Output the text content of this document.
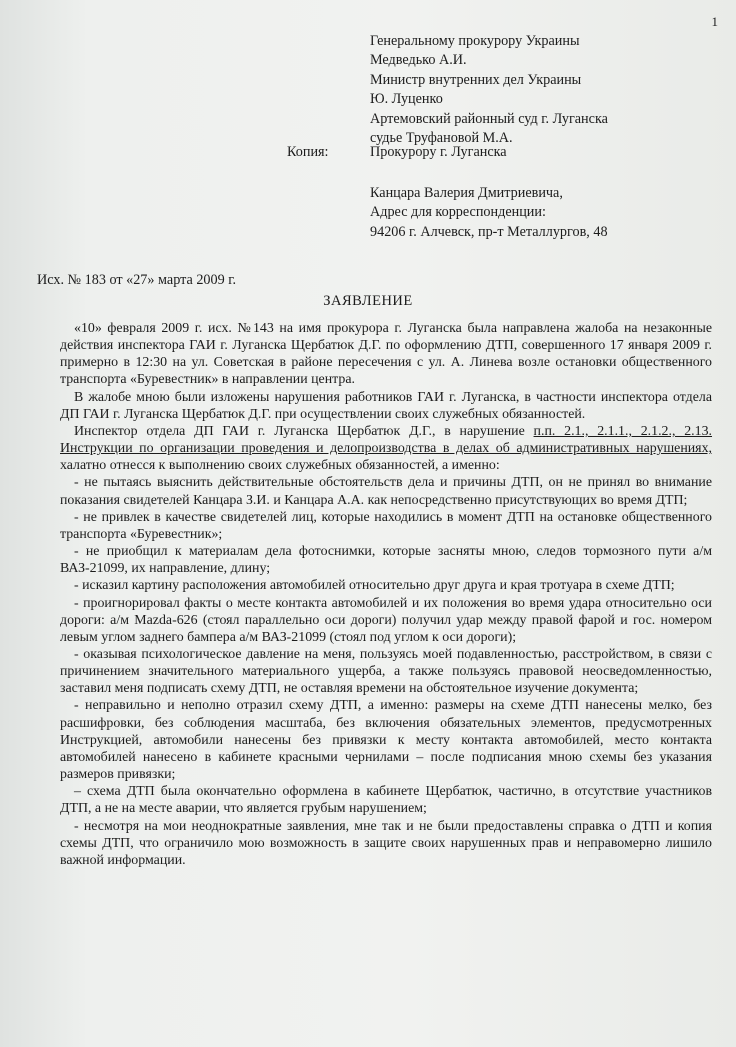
1
Генеральному прокурору Украины
Медведько А.И.
Министр внутренних дел Украины
Ю. Луценко
Артемовский районный суд г. Луганска
судье Труфановой М.А.
Копия:	Прокурору г. Луганска
Канцара Валерия Дмитриевича,
Адрес для корреспонденции:
94206 г. Алчевск, пр-т Металлургов, 48
Исх. № 183 от «27» марта 2009 г.
ЗАЯВЛЕНИЕ

«10» февраля 2009 г. исх. №143 на имя прокурора г. Луганска была направлена жалоба на незаконные действия инспектора ГАИ г. Луганска Щербатюк Д.Г. по оформлению ДТП, совершенного 17 января 2009 г. примерно в 12:30 на ул. Советская в районе пересечения с ул. А. Линева возле остановки общественного транспорта «Буревестник» в направлении центра.

В жалобе мною были изложены нарушения работников ГАИ г. Луганска, в частности инспектора отдела ДП ГАИ г. Луганска Щербатюк Д.Г. при осуществлении своих служебных обязанностей.

Инспектор отдела ДП ГАИ г. Луганска Щербатюк Д.Г., в нарушение п.п. 2.1., 2.1.1., 2.1.2., 2.13. Инструкции по организации проведения и делопроизводства в делах об административных нарушениях, халатно отнесся к выполнению своих служебных обязанностей, а именно:

- не пытаясь выяснить действительные обстоятельств дела и причины ДТП, он не принял во внимание показания свидетелей Канцара З.И. и Канцара А.А. как непосредственно присутствующих во время ДТП;

- не привлек в качестве свидетелей лиц, которые находились в момент ДТП на остановке общественного транспорта «Буревестник»;

- не приобщил к материалам дела фотоснимки, которые засняты мною, следов тормозного пути а/м ВАЗ-21099, их направление, длину;

- исказил картину расположения автомобилей относительно друг друга и края тротуара в схеме ДТП;

- проигнорировал факты о месте контакта автомобилей и их положения во время удара относительно оси дороги: а/м Mazda-626 (стоял параллельно оси дороги) получил удар между правой фарой и гос. номером левым углом заднего бампера а/м ВАЗ-21099 (стоял под углом к оси дороги);

- оказывая психологическое давление на меня, пользуясь моей подавленностью, расстройством, в связи с причинением значительного материального ущерба, а также пользуясь правовой неосведомленностью, заставил меня подписать схему ДТП, не оставляя времени на обстоятельное изучение документа;

- неправильно и неполно отразил схему ДТП, а именно: размеры на схеме ДТП нанесены мелко, без расшифровки, без соблюдения масштаба, без включения обязательных элементов, предусмотренных Инструкцией, автомобили нанесены без привязки к месту контакта автомобилей, место контакта автомобилей нанесено в кабинете красными чернилами – после подписания мною схемы без указания размеров привязки;

– схема ДТП была окончательно оформлена в кабинете Щербатюк, частично, в отсутствие участников ДТП, а не на месте аварии, что является грубым нарушением;

- несмотря на мои неоднократные заявления, мне так и не были предоставлены справка о ДТП и копия схемы ДТП, что ограничило мою возможность в защите своих нарушенных прав и неправомерно лишило важной информации.
